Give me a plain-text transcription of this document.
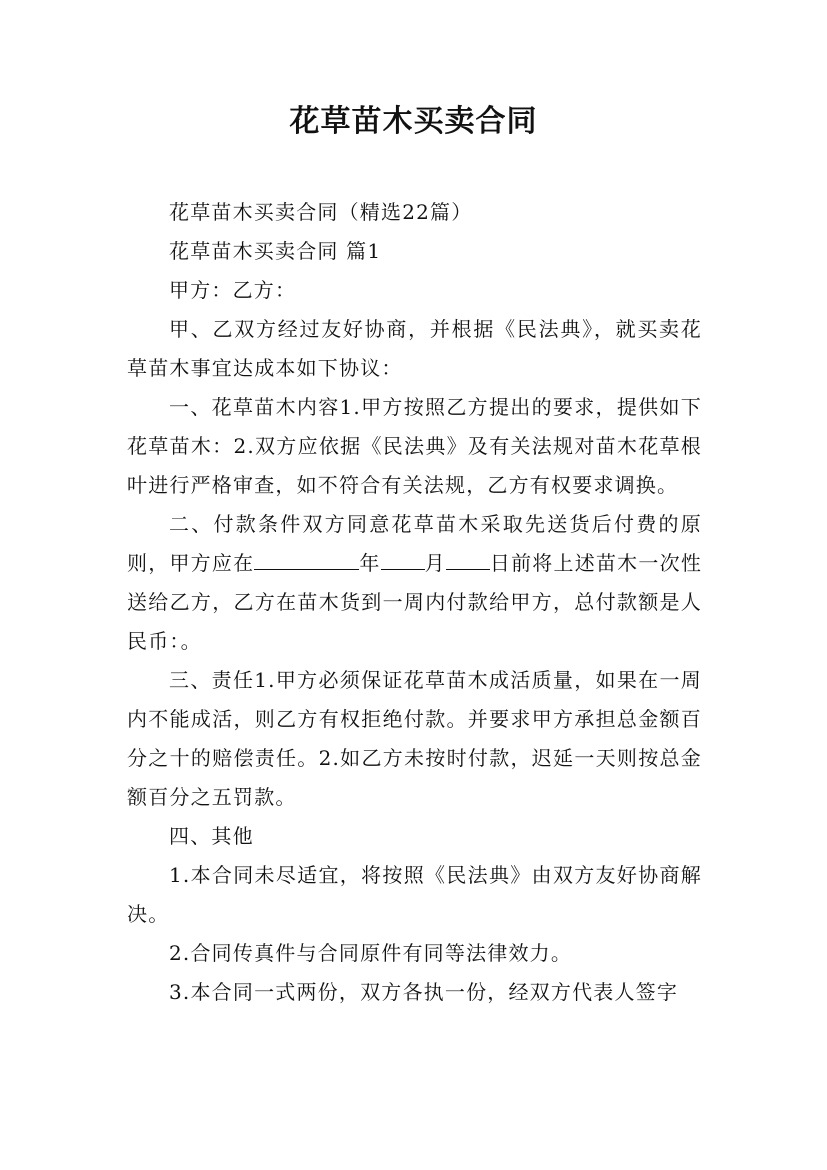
花草苗木买卖合同

花草苗木买卖合同（精选22篇）

花草苗木买卖合同 篇1

甲方：乙方：

甲、乙双方经过友好协商，并根据《民法典》，就买卖花草苗木事宜达成本如下协议：

一、花草苗木内容1.甲方按照乙方提出的要求，提供如下花草苗木：2.双方应依据《民法典》及有关法规对苗木花草根叶进行严格审查，如不符合有关法规，乙方有权要求调换。

二、付款条件双方同意花草苗木采取先送货后付费的原则，甲方应在	年 月 日前将上述苗木一次性送给乙方，乙方在苗木货到一周内付款给甲方，总付款额是人民币：。

三、责任1.甲方必须保证花草苗木成活质量，如果在一周内不能成活，则乙方有权拒绝付款。并要求甲方承担总金额百分之十的赔偿责任。2.如乙方未按时付款，迟延一天则按总金额百分之五罚款。

四、其他

1.本合同未尽适宜，将按照《民法典》由双方友好协商解决。

2.合同传真件与合同原件有同等法律效力。

3.本合同一式两份，双方各执一份，经双方代表人签字
